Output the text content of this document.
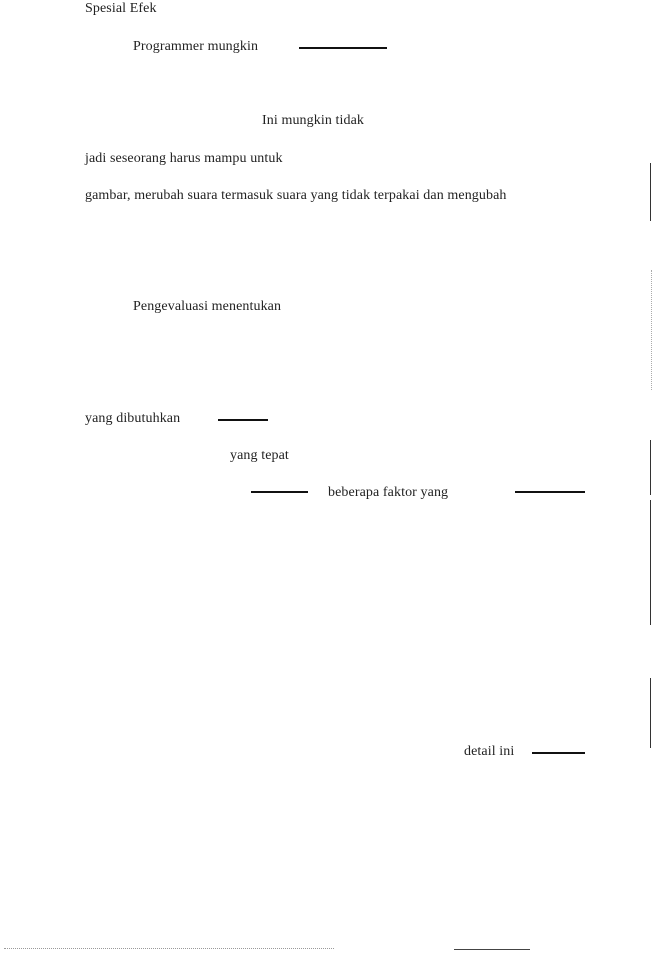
Spesial Efek
Programmer mungkin
Ini mungkin tidak
jadi seseorang harus mampu untuk
gambar, merubah suara termasuk suara yang tidak terpakai dan mengubah
Pengevaluasi menentukan
yang dibutuhkan
yang tepat
beberapa faktor yang
detail ini
